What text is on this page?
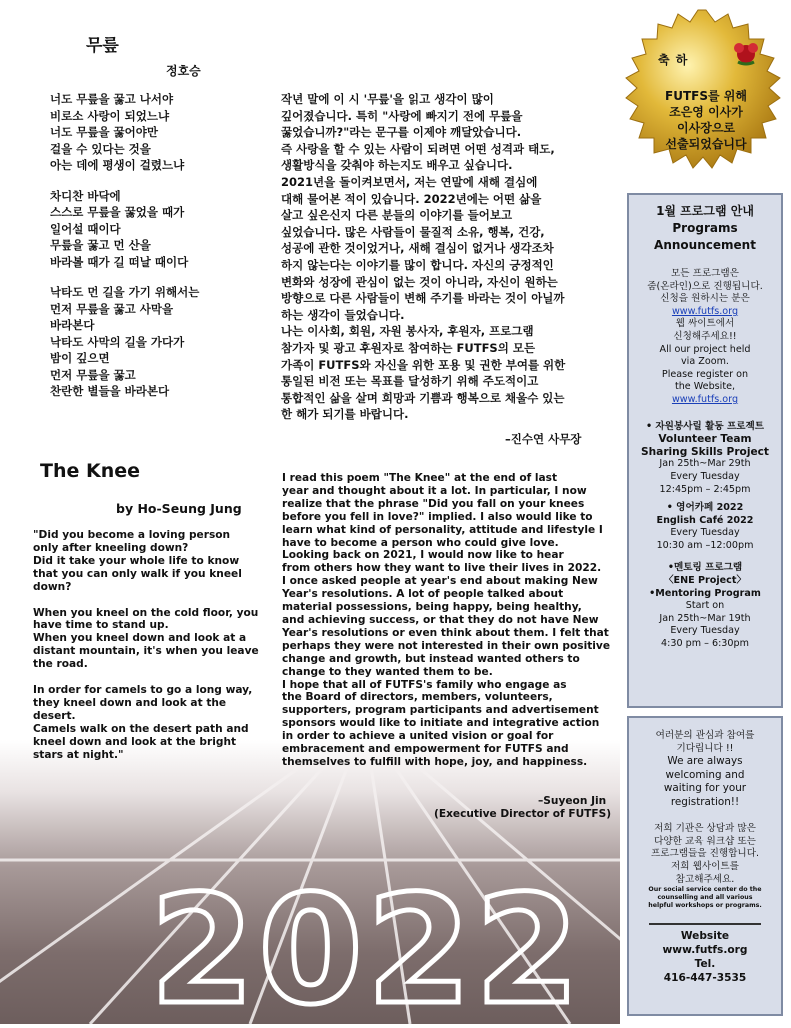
2022
무릎
정호승
너도 무릎을 꿇고 나서야
비로소 사랑이 되었느냐
너도 무릎을 꿇어야만
걸을 수 있다는 것을
아는 데에 평생이 걸렸느냐
차디찬 바닥에
스스로 무릎을 꿇었을 때가
일어설 때이다
무릎을 꿇고 먼 산을
바라볼 때가 길 떠날 때이다
낙타도 먼 길을 가기 위해서는
먼저 무릎을 꿇고 사막을
바라본다
낙타도 사막의 길을 가다가
밤이 깊으면
먼저 무릎을 꿇고
찬란한 별들을 바라본다
작년 말에 이 시 '무릎'을 읽고 생각이 많이
깊어졌습니다. 특히 "사랑에 빠지기 전에 무릎을
꿇었습니까?"라는 문구를 이제야 깨달았습니다.
즉 사랑을 할 수 있는 사람이 되려면 어떤 성격과 태도,
생활방식을 갖춰야 하는지도 배우고 싶습니다.
2021년을 돌이켜보면서, 저는 연말에 새해 결심에
대해 물어본 적이 있습니다. 2022년에는 어떤 삶을
살고 싶은신지 다른 분들의 이야기를 들어보고
싶었습니다. 많은 사람들이 물질적 소유, 행복, 건강,
성공에 관한 것이었거나, 새해 결심이 없거나 생각조차
하지 않는다는 이야기를 많이 합니다. 자신의 긍정적인
변화와 성장에 관심이 없는 것이 아니라, 자신이 원하는
방향으로 다른 사람들이 변해 주기를 바라는 것이 아닐까
하는 생각이 들었습니다.
나는 이사회, 회원, 자원 봉사자, 후원자, 프로그램
참가자 및 광고 후원자로 참여하는 FUTFS의 모든
가족이 FUTFS와 자신을 위한 포용 및 권한 부여를 위한
통일된 비전 또는 목표를 달성하기 위해 주도적이고
통합적인 삶을 살며 희망과 기쁨과 행복으로 채울수 있는
한 해가 되기를 바랍니다.
–진수연 사무장
The Knee
by Ho-Seung Jung
"Did you become a loving person
only after kneeling down?
Did it take your whole life to know
that you can only walk if you kneel
down?
When you kneel on the cold floor, you
have time to stand up.
When you kneel down and look at a
distant mountain, it's when you leave
the road.
In order for camels to go a long way,
they kneel down and look at the
desert.
Camels walk on the desert path and
kneel down and look at the bright
stars at night."
I read this poem "The Knee" at the end of last
year and thought about it a lot. In particular, I now
realize that the phrase "Did you fall on your knees
before you fell in love?" implied. I also would like to
learn what kind of personality, attitude and lifestyle I
have to become a person who could give love.
Looking back on 2021, I would now like to hear
from others how they want to live their lives in 2022.
I once asked people at year's end about making New
Year's resolutions. A lot of people talked about
material possessions, being happy, being healthy,
and achieving success, or that they do not have New
Year's resolutions or even think about them. I felt that
perhaps they were not interested in their own positive
change and growth, but instead wanted others to
change to they wanted them to be.
I hope that all of FUTFS's family who engage as
the Board of directors, members, volunteers,
supporters, program participants and advertisement
sponsors would like to initiate and integrative action
in order to achieve a united vision or goal for
embracement and empowerment for FUTFS and
themselves to fulfill with hope, joy, and happiness.
–Suyeon Jin
(Executive Director of FUTFS)
축 하
FUTFS를 위해
조은영 이사가
이사장으로
선출되었습니다
1월 프로그램 안내
Programs
Announcement
모든 프로그램은
줌(온라인)으로 진행됩니다.
신청을 원하시는 분은
www.futfs.org
웹 싸이트에서
신청해주세요!!
All our project held
via Zoom.
Please register on
the Website,
www.futfs.org
• 자원봉사릴 활동 프로젝트
Volunteer Team
Sharing Skills Project
Jan 25th~Mar 29th
Every Tuesday
12:45pm – 2:45pm
• 영어카페 2022
English Café 2022
Every Tuesday
10:30 am –12:00pm
•멘토링 프로그램
〈ENE Project〉
•Mentoring Program
Start on
Jan 25th~Mar 19th
Every Tuesday
4:30 pm – 6:30pm
여러분의 관심과 참여를
기다립니다 !!
We are always
welcoming and
waiting for your
registration!!
저희 기관은 상담과 많은
다양한 교육 워크샵 또는
프로그램들을 진행합니다.
저희 웹사이트를
참고해주세요.
Our social service center do the
counselling and all various
helpful workshops or programs.
Website
www.futfs.org
Tel.
416-447-3535
